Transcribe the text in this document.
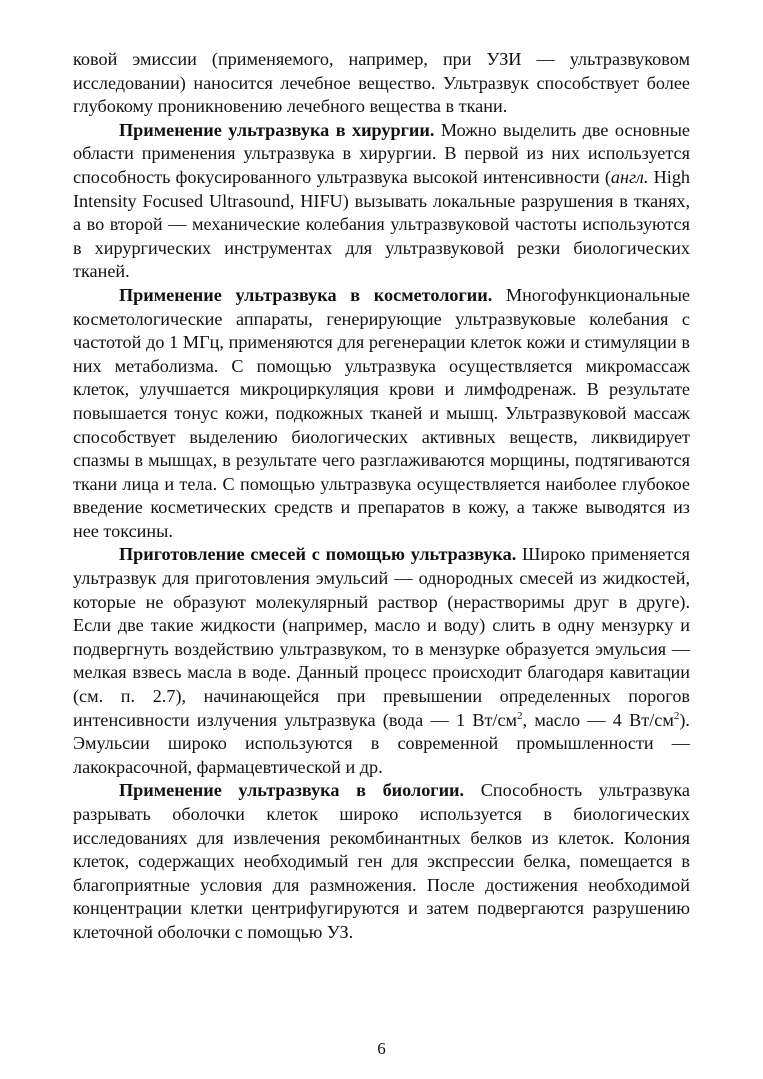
ковой эмиссии (применяемого, например, при УЗИ — ультразвуковом исследовании) наносится лечебное вещество. Ультразвук способствует более глубокому проникновению лечебного вещества в ткани.

Применение ультразвука в хирургии. Можно выделить две основные области применения ультразвука в хирургии. В первой из них используется способность фокусированного ультразвука высокой интенсивности (англ. High Intensity Focused Ultrasound, HIFU) вызывать локальные разрушения в тканях, а во второй — механические колебания ультразвуковой частоты используются в хирургических инструментах для ультразвуковой резки биологических тканей.

Применение ультразвука в косметологии. Многофункциональные косметологические аппараты, генерирующие ультразвуковые колебания с частотой до 1 МГц, применяются для регенерации клеток кожи и стимуляции в них метаболизма. С помощью ультразвука осуществляется микромассаж клеток, улучшается микроциркуляция крови и лимфодренаж. В результате повышается тонус кожи, подкожных тканей и мышц. Ультразвуковой массаж способствует выделению биологических активных веществ, ликвидирует спазмы в мышцах, в результате чего разглаживаются морщины, подтягиваются ткани лица и тела. С помощью ультразвука осуществляется наиболее глубокое введение косметических средств и препаратов в кожу, а также выводятся из нее токсины.

Приготовление смесей с помощью ультразвука. Широко применяется ультразвук для приготовления эмульсий — однородных смесей из жидкостей, которые не образуют молекулярный раствор (нерастворимы друг в друге). Если две такие жидкости (например, масло и воду) слить в одну мензурку и подвергнуть воздействию ультразвуком, то в мензурке образуется эмульсия — мелкая взвесь масла в воде. Данный процесс происходит благодаря кавитации (см. п. 2.7), начинающейся при превышении определенных порогов интенсивности излучения ультразвука (вода — 1 $Вт/см^2$, масло — 4 $Вт/см^2$). Эмульсии широко используются в современной промышленности — лакокрасочной, фармацевтической и др.

Применение ультразвука в биологии. Способность ультразвука разрывать оболочки клеток широко используется в биологических исследованиях для извлечения рекомбинантных белков из клеток. Колония клеток, содержащих необходимый ген для экспрессии белка, помещается в благоприятные условия для размножения. После достижения необходимой концентрации клетки центрифугируются и затем подвергаются разрушению клеточной оболочки с помощью УЗ.

6
